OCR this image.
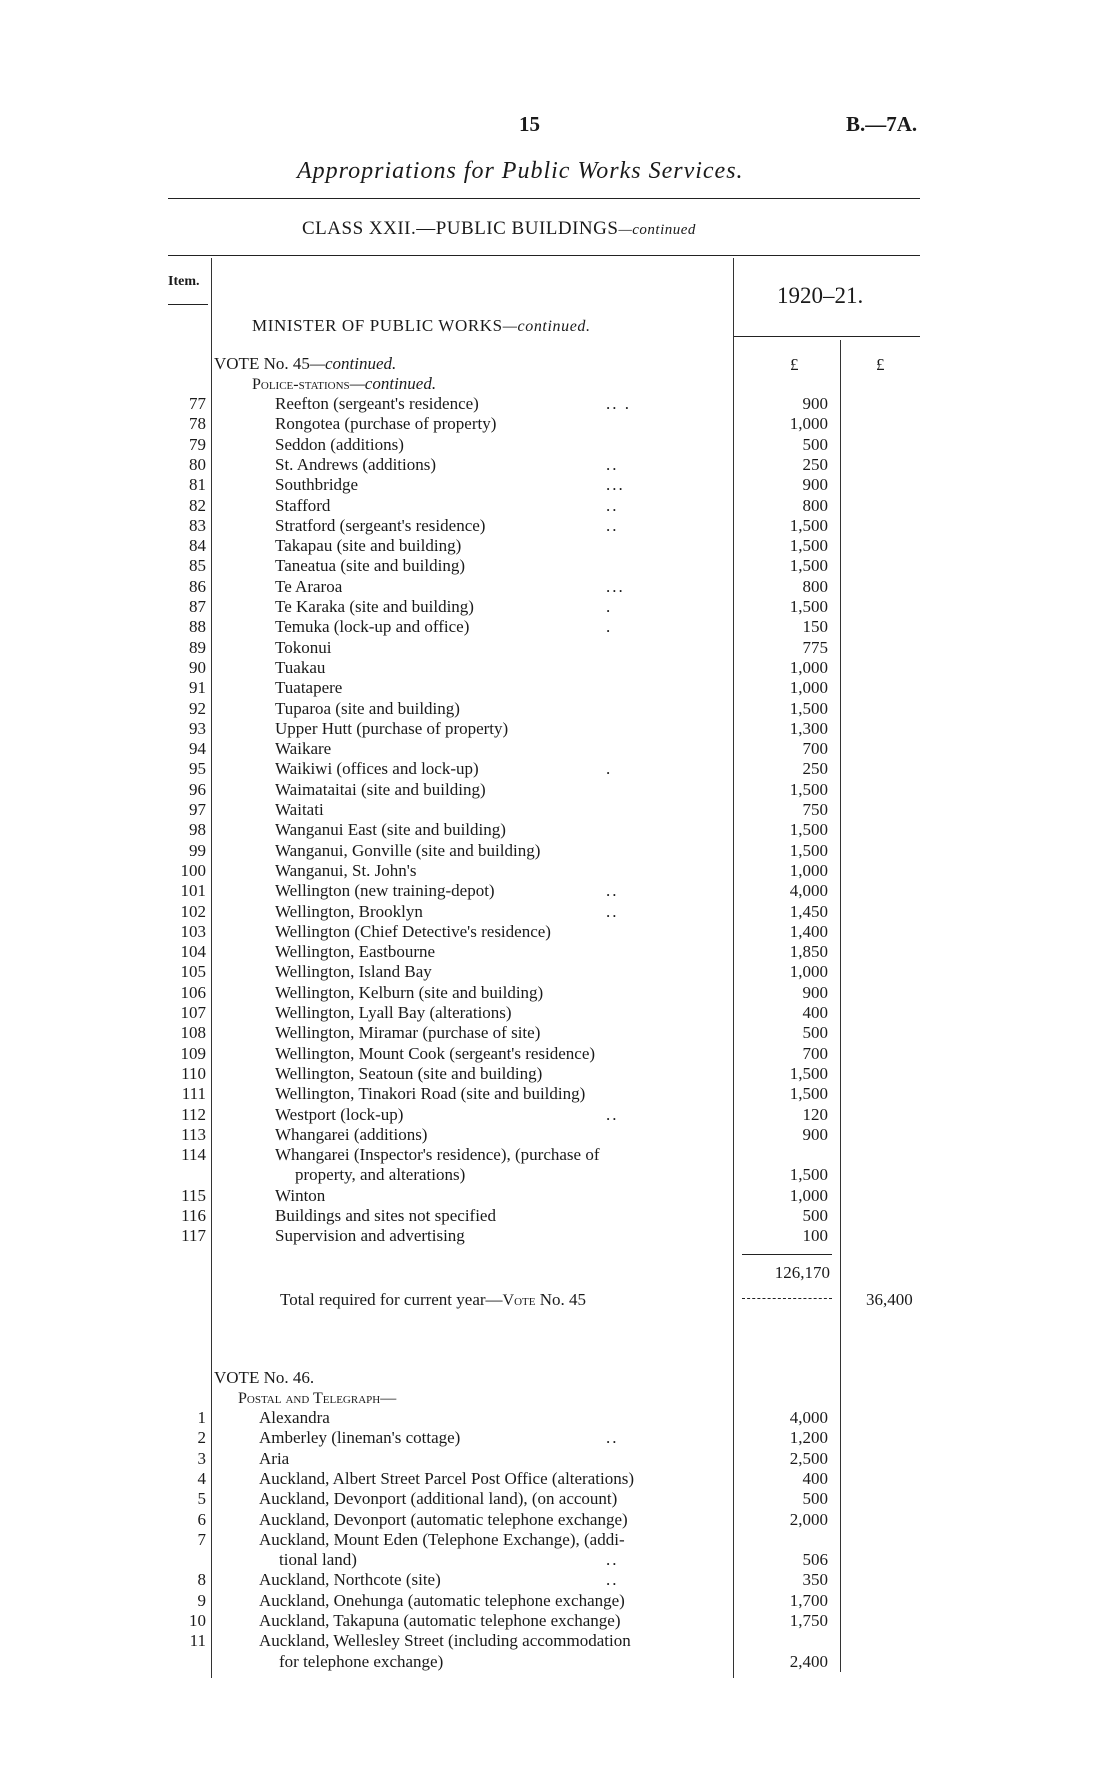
15	B.—7A.
Appropriations for Public Works Services.
CLASS XXII.—PUBLIC BUILDINGS—continued
Item.
1920–21.
MINISTER OF PUBLIC WORKS—continued.
£	£
VOTE No. 45—continued.
Police-stations—continued.
77	Reefton (sergeant's residence)	.. .	900
78	Rongotea (purchase of property)	1,000
79	Seddon (additions)	500
80	St. Andrews (additions)	..	250
81	Southbridge	...	900
82	Stafford	..	800
83	Stratford (sergeant's residence)	..	1,500
84	Takapau (site and building)	1,500
85	Taneatua (site and building)	1,500
86	Te Araroa	...	800
87	Te Karaka (site and building)	.	1,500
88	Temuka (lock-up and office)	.	150
89	Tokonui	775
90	Tuakau	1,000
91	Tuatapere	1,000
92	Tuparoa (site and building)	1,500
93	Upper Hutt (purchase of property)	1,300
94	Waikare	700
95	Waikiwi (offices and lock-up)	.	250
96	Waimataitai (site and building)	1,500
97	Waitati	750
98	Wanganui East (site and building)	1,500
99	Wanganui, Gonville (site and building)	1,500
100	Wanganui, St. John's	1,000
101	Wellington (new training-depot)	..	4,000
102	Wellington, Brooklyn	..	1,450
103	Wellington (Chief Detective's residence)	1,400
104	Wellington, Eastbourne	1,850
105	Wellington, Island Bay	1,000
106	Wellington, Kelburn (site and building)	900
107	Wellington, Lyall Bay (alterations)	400
108	Wellington, Miramar (purchase of site)	500
109	Wellington, Mount Cook (sergeant's residence)	700
110	Wellington, Seatoun (site and building)	1,500
111	Wellington, Tinakori Road (site and building)	1,500
112	Westport (lock-up)	..	120
113	Whangarei (additions)	900
114	Whangarei (Inspector's residence), (purchase of
property, and alterations)	1,500
115	Winton	1,000
116	Buildings and sites not specified	500
117	Supervision and advertising	100
126,170
Total required for current year—Vote No. 45	36,400
VOTE No. 46.
Postal and Telegraph—
1	Alexandra	4,000
2	Amberley (lineman's cottage)	..	1,200
3	Aria	2,500
4	Auckland, Albert Street Parcel Post Office (alterations)	400
5	Auckland, Devonport (additional land), (on account)	500
6	Auckland, Devonport (automatic telephone exchange)	2,000
7	Auckland, Mount Eden (Telephone Exchange), (addi-
tional land)	..	506
8	Auckland, Northcote (site)	..	350
9	Auckland, Onehunga (automatic telephone exchange)	1,700
10	Auckland, Takapuna (automatic telephone exchange)	1,750
11	Auckland, Wellesley Street (including accommodation
for telephone exchange)	2,400
